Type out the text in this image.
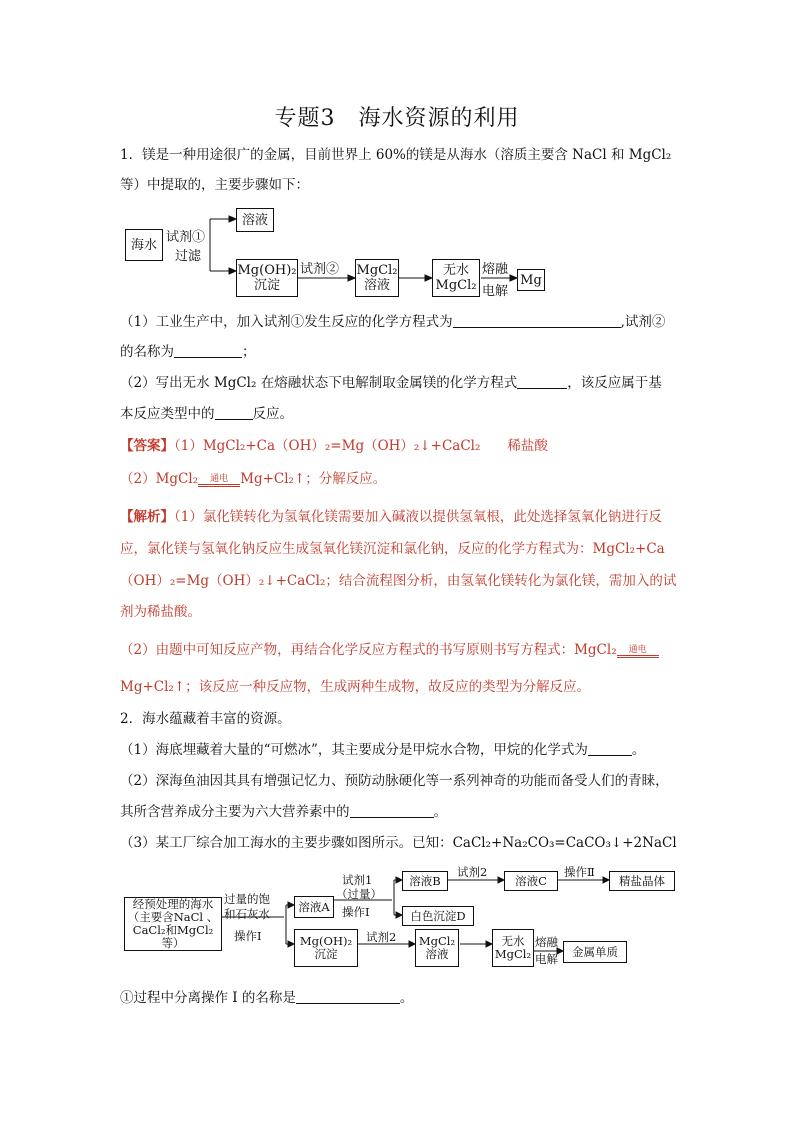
专题3　海水资源的利用
1．镁是一种用途很广的金属，目前世界上 60%的镁是从海水（溶质主要含 NaCl 和 MgCl₂
等）中提取的，主要步骤如下：
海水 试剂①
过滤
溶液
Mg(OH)₂
沉淀
试剂② MgCl₂
溶液
无水
MgCl₂
熔融
电解
Mg
（1）工业生产中，加入试剂①发生反应的化学方程式为	,试剂②
的名称为	；
（2）写出无水 MgCl₂ 在熔融状态下电解制取金属镁的化学方程式	，该反应属于基
本反应类型中的	反应。
【答案】（1）MgCl₂+Ca（OH）₂=Mg（OH）₂↓+CaCl₂　　稀盐酸
（2）MgCl₂	通电 Mg+Cl₂↑；分解反应。
【解析】（1）氯化镁转化为氢氧化镁需要加入碱液以提供氢氧根，此处选择氢氧化钠进行反
应，氯化镁与氢氧化钠反应生成氢氧化镁沉淀和氯化钠，反应的化学方程式为：MgCl₂+Ca
（OH）₂=Mg（OH）₂↓+CaCl₂；结合流程图分析，由氢氧化镁转化为氯化镁，需加入的试
剂为稀盐酸。
（2）由题中可知反应产物，再结合化学反应方程式的书写原则书写方程式：MgCl₂	通电
Mg+Cl₂↑；该反应一种反应物，生成两种生成物，故反应的类型为分解反应。
2．海水蕴藏着丰富的资源。
（1）海底埋藏着大量的“可燃冰”，其主要成分是甲烷水合物，甲烷的化学式为	。
（2）深海鱼油因其具有增强记忆力、预防动脉硬化等一系列神奇的功能而备受人们的青睐，
其所含营养成分主要为六大营养素中的	。
（3）某工厂综合加工海水的主要步骤如图所示。已知：CaCl₂+Na₂CO₃=CaCO₃↓+2NaCl
经预处理的海水
（主要含NaCl 、
CaCl₂和MgCl₂等）
过量的饱
和石灰水
操作Ⅰ
溶液A
试剂1
（过量）
操作Ⅰ
溶液B
试剂2
溶液C
操作Ⅱ
精盐晶体
白色沉淀D
Mg(OH)₂
沉淀
试剂2 MgCl₂
溶液
无水
MgCl₂
熔融
电解
金属单质
①过程中分离操作 I 的名称是	。
